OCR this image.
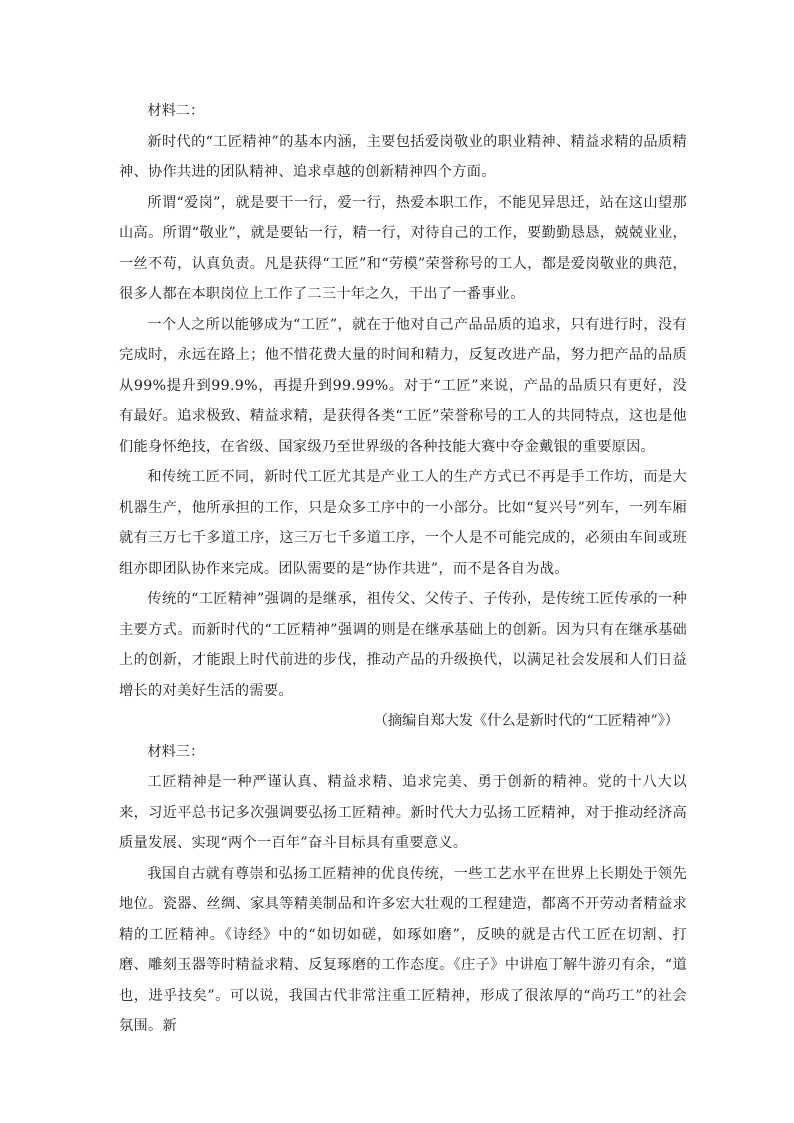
材料二：

新时代的“工匠精神”的基本内涵，主要包括爱岗敬业的职业精神、精益求精的品质精神、协作共进的团队精神、追求卓越的创新精神四个方面。

所谓“爱岗”，就是要干一行，爱一行，热爱本职工作，不能见异思迁，站在这山望那山高。所谓“敬业”，就是要钻一行，精一行，对待自己的工作，要勤勤恳恳，兢兢业业，一丝不苟，认真负责。凡是获得“工匠”和“劳模”荣誉称号的工人，都是爱岗敬业的典范，很多人都在本职岗位上工作了二三十年之久，干出了一番事业。

一个人之所以能够成为“工匠”，就在于他对自己产品品质的追求，只有进行时，没有完成时，永远在路上；他不惜花费大量的时间和精力，反复改进产品，努力把产品的品质从99%提升到99.9%，再提升到99.99%。对于“工匠”来说，产品的品质只有更好，没有最好。追求极致、精益求精，是获得各类“工匠”荣誉称号的工人的共同特点，这也是他们能身怀绝技，在省级、国家级乃至世界级的各种技能大赛中夺金戴银的重要原因。

和传统工匠不同，新时代工匠尤其是产业工人的生产方式已不再是手工作坊，而是大机器生产，他所承担的工作，只是众多工序中的一小部分。比如“复兴号”列车，一列车厢就有三万七千多道工序，这三万七千多道工序，一个人是不可能完成的，必须由车间或班组亦即团队协作来完成。团队需要的是“协作共进”，而不是各自为战。

传统的“工匠精神”强调的是继承，祖传父、父传子、子传孙，是传统工匠传承的一种主要方式。而新时代的“工匠精神”强调的则是在继承基础上的创新。因为只有在继承基础上的创新，才能跟上时代前进的步伐，推动产品的升级换代，以满足社会发展和人们日益增长的对美好生活的需要。

（摘编自郑大发《什么是新时代的“工匠精神”》）

材料三：

工匠精神是一种严谨认真、精益求精、追求完美、勇于创新的精神。党的十八大以来，习近平总书记多次强调要弘扬工匠精神。新时代大力弘扬工匠精神，对于推动经济高质量发展、实现“两个一百年”奋斗目标具有重要意义。

我国自古就有尊崇和弘扬工匠精神的优良传统，一些工艺水平在世界上长期处于领先地位。瓷器、丝绸、家具等精美制品和许多宏大壮观的工程建造，都离不开劳动者精益求精的工匠精神。《诗经》中的“如切如磋，如琢如磨”，反映的就是古代工匠在切割、打磨、雕刻玉器等时精益求精、反复琢磨的工作态度。《庄子》中讲庖丁解牛游刃有余，“道也，进乎技矣”。可以说，我国古代非常注重工匠精神，形成了很浓厚的“尚巧工”的社会氛围。新
